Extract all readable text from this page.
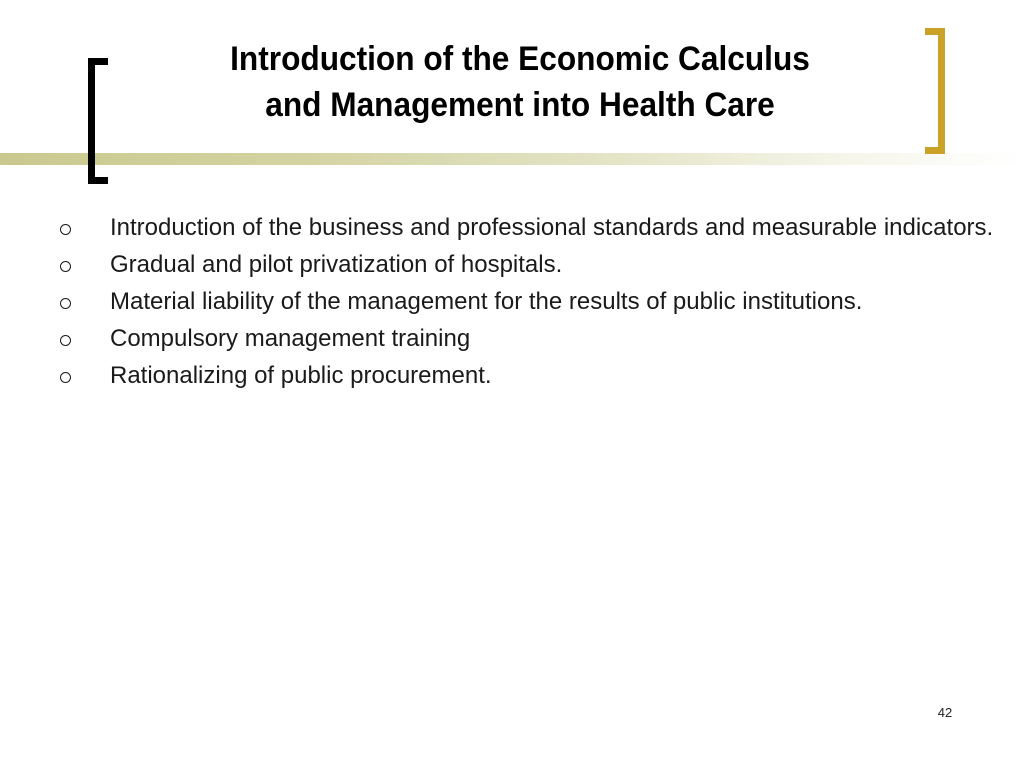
Introduction of the Economic Calculus
and Management into Health Care
Introduction of the business and professional standards and measurable indicators.
Gradual and pilot privatization of hospitals.
Material liability of the management for the results of public institutions.
Compulsory management training
Rationalizing of public procurement.
42
